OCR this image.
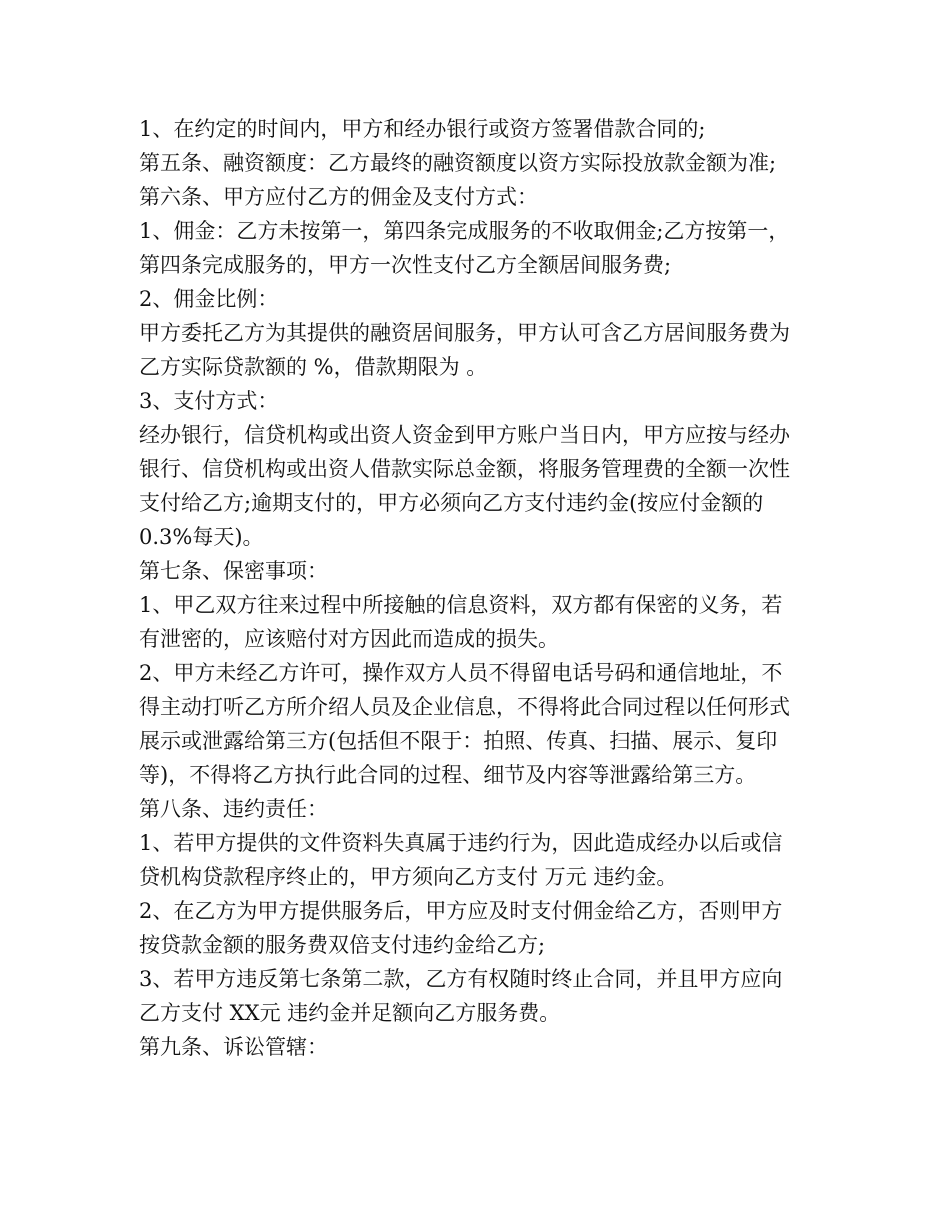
1、在约定的时间内，甲方和经办银行或资方签署借款合同的;

第五条、融资额度：乙方最终的融资额度以资方实际投放款金额为准;

第六条、甲方应付乙方的佣金及支付方式：

1、佣金：乙方未按第一，第四条完成服务的不收取佣金;乙方按第一，

第四条完成服务的，甲方一次性支付乙方全额居间服务费;

2、佣金比例：

甲方委托乙方为其提供的融资居间服务，甲方认可含乙方居间服务费为

乙方实际贷款额的 %，借款期限为 。

3、支付方式：

经办银行，信贷机构或出资人资金到甲方账户当日内，甲方应按与经办

银行、信贷机构或出资人借款实际总金额，将服务管理费的全额一次性

支付给乙方;逾期支付的，甲方必须向乙方支付违约金(按应付金额的

0.3%每天)。

第七条、保密事项：

1、甲乙双方往来过程中所接触的信息资料，双方都有保密的义务，若

有泄密的，应该赔付对方因此而造成的损失。

2、甲方未经乙方许可，操作双方人员不得留电话号码和通信地址，不

得主动打听乙方所介绍人员及企业信息，不得将此合同过程以任何形式

展示或泄露给第三方(包括但不限于：拍照、传真、扫描、展示、复印

等)，不得将乙方执行此合同的过程、细节及内容等泄露给第三方。

第八条、违约责任：

1、若甲方提供的文件资料失真属于违约行为，因此造成经办以后或信

贷机构贷款程序终止的，甲方须向乙方支付 万元 违约金。

2、在乙方为甲方提供服务后，甲方应及时支付佣金给乙方，否则甲方

按贷款金额的服务费双倍支付违约金给乙方;

3、若甲方违反第七条第二款，乙方有权随时终止合同，并且甲方应向

乙方支付 XX元 违约金并足额向乙方服务费。

第九条、诉讼管辖：
